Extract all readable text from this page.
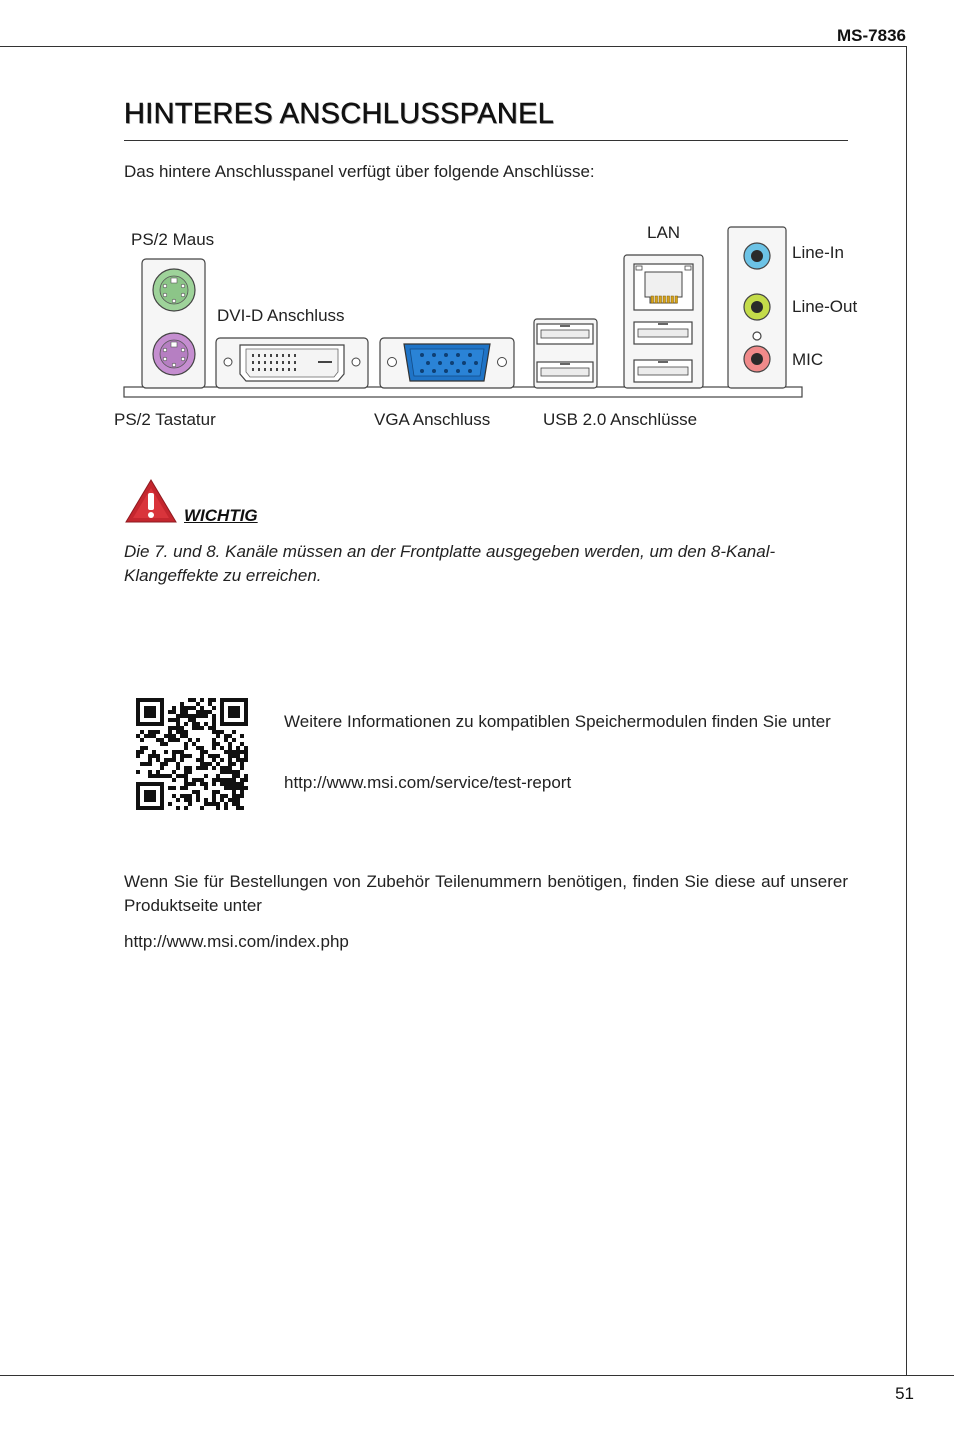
MS-7836
HINTERES ANSCHLUSSPANEL
Das hintere Anschlusspanel verfügt über folgende Anschlüsse:
PS/2 Maus
DVI-D Anschluss
LAN
Line-In
Line-Out
MIC
PS/2 Tastatur	VGA Anschluss	USB 2.0 Anschlüsse
WICHTIG
Die 7. und 8. Kanäle müssen an der Frontplatte ausgegeben werden, um den 8-Kanal-Klangeffekte zu erreichen.
Weitere Informationen zu kompatiblen Speichermodulen finden Sie unter
http://www.msi.com/service/test-report
Wenn Sie für Bestellungen von Zubehör Teilenummern benötigen, finden Sie diese auf unserer Produktseite unter
http://www.msi.com/index.php
51
